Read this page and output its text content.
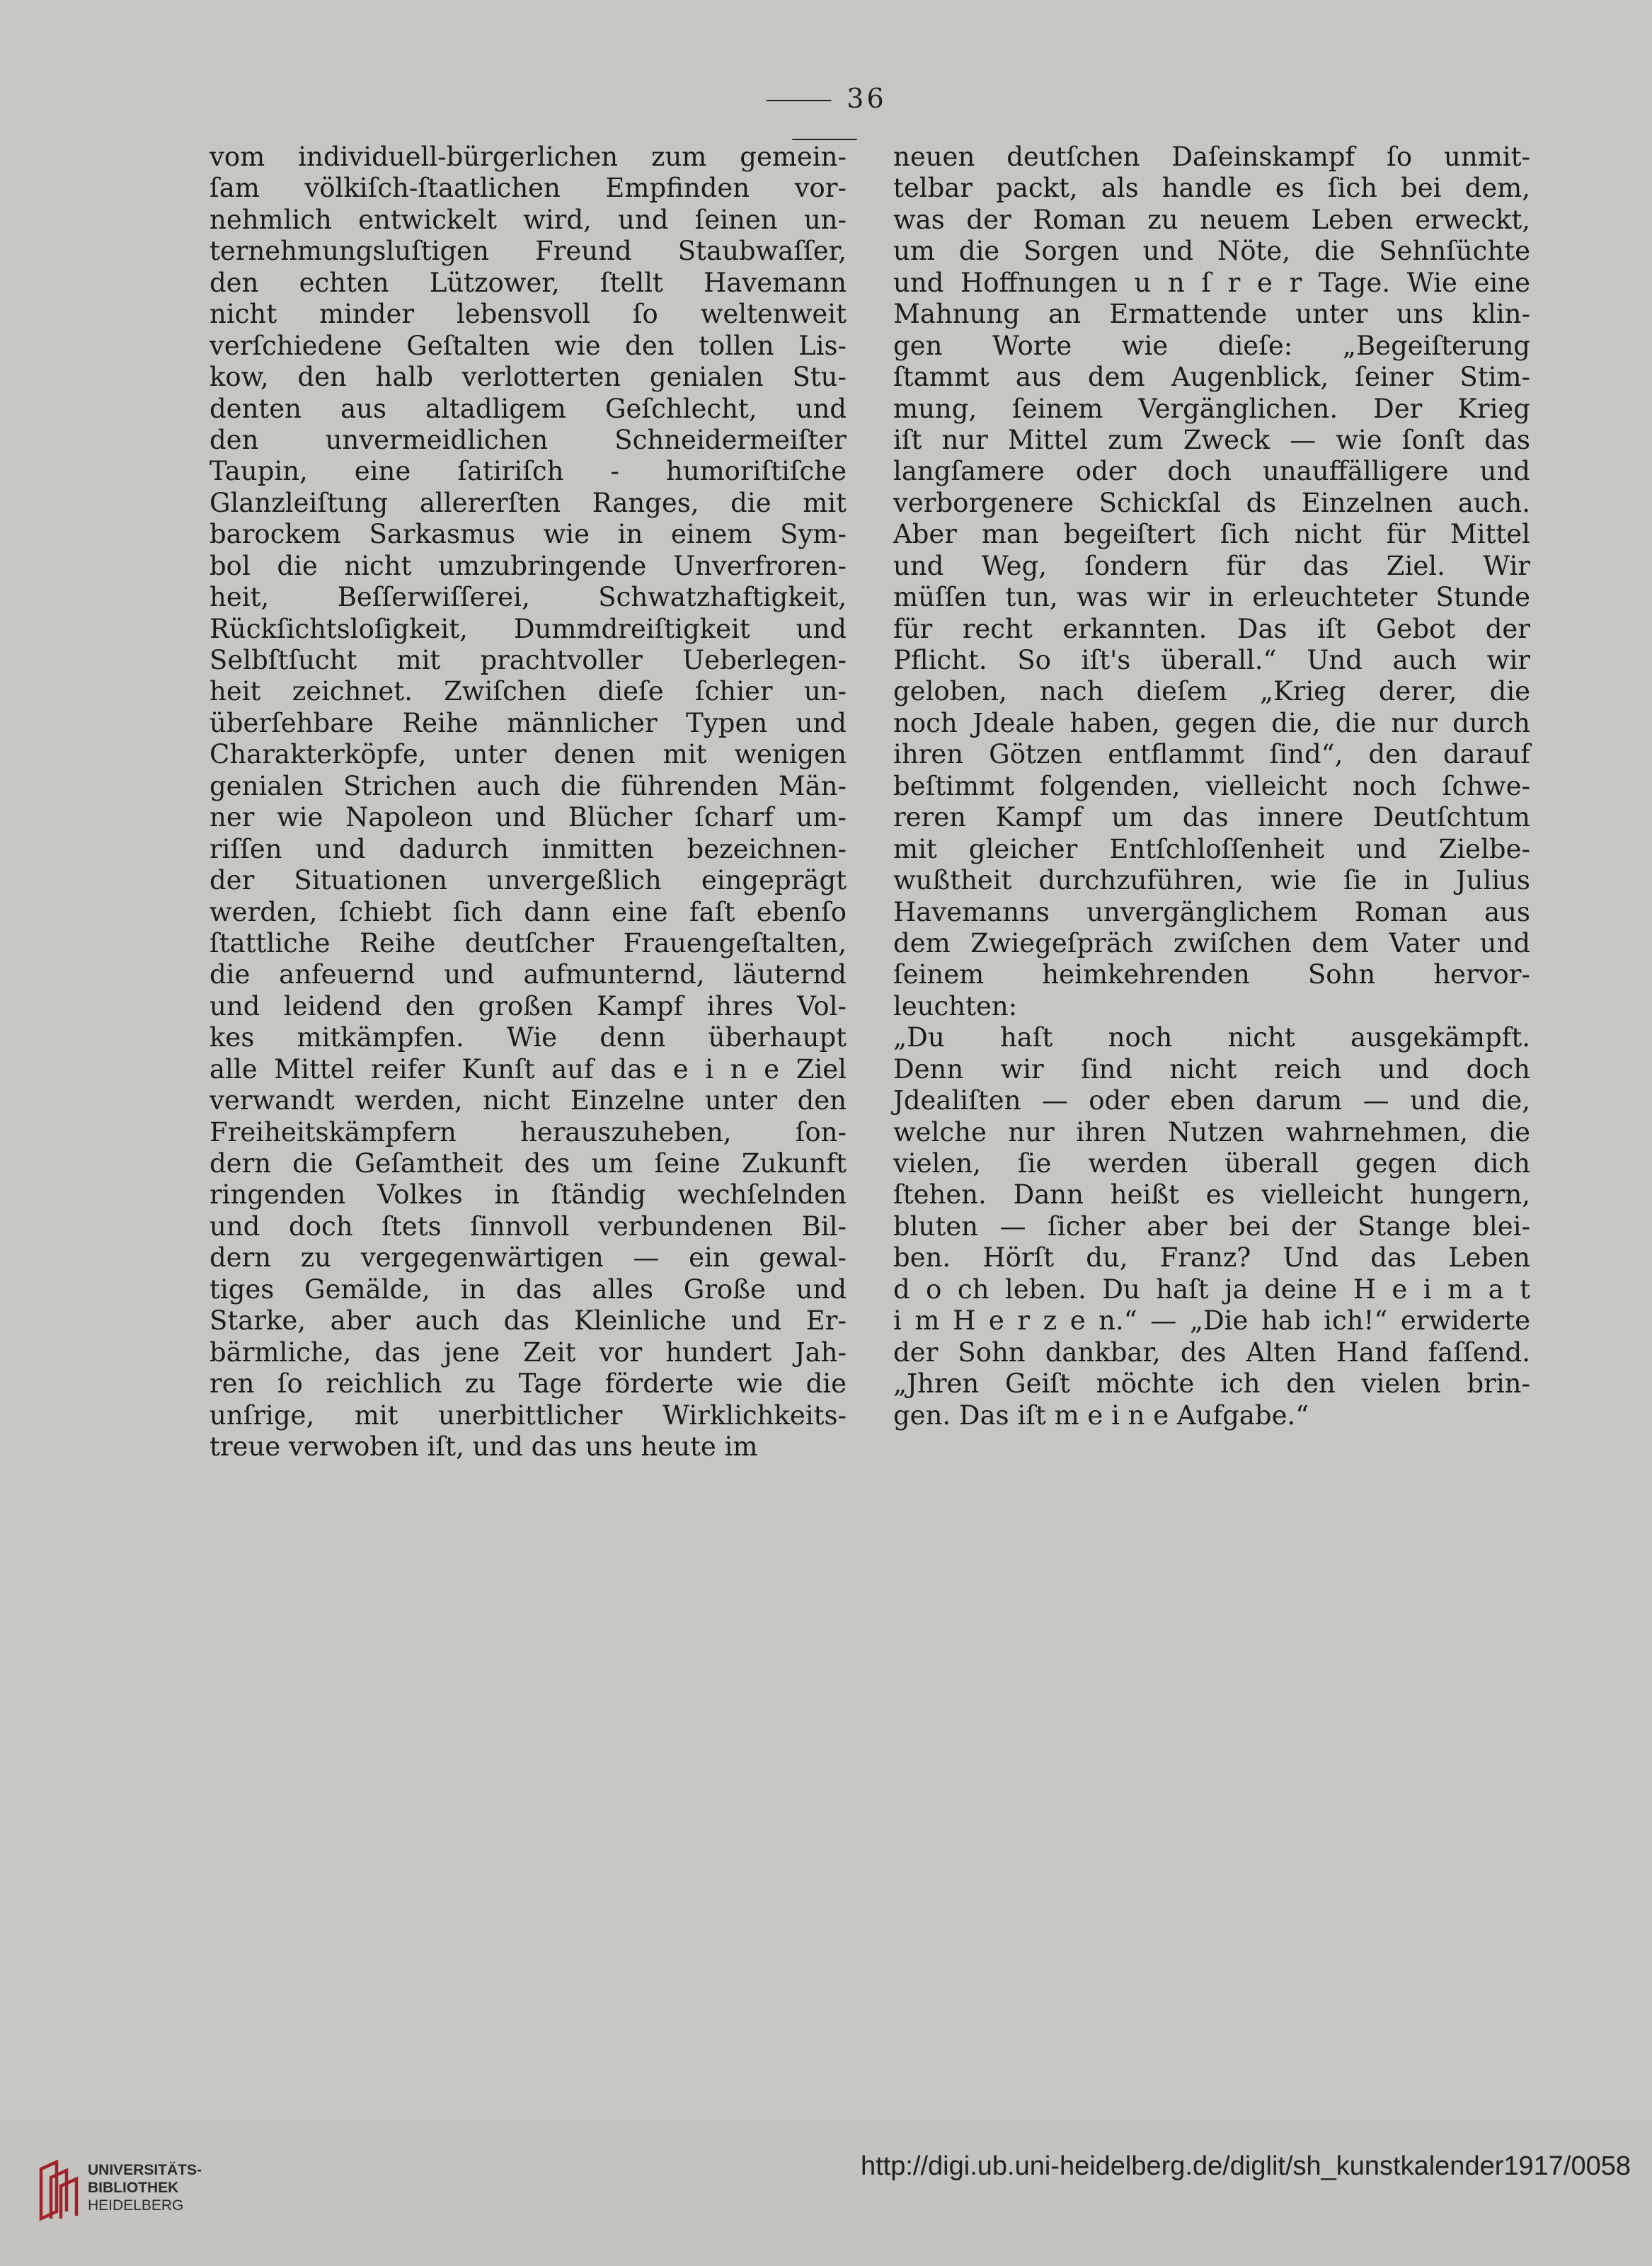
⸻ 36 ⸻
vom individuell-bürgerlichen zum gemein-
ſam völkiſch-ſtaatlichen Empfinden vor-
nehmlich entwickelt wird, und ſeinen un-
ternehmungsluſtigen Freund Staubwaſſer,
den echten Lützower, ſtellt Havemann
nicht minder lebensvoll ſo weltenweit
verſchiedene Geſtalten wie den tollen Lis-
kow, den halb verlotterten genialen Stu-
denten aus altadligem Geſchlecht, und
den unvermeidlichen Schneidermeiſter
Taupin, eine ſatiriſch - humoriſtiſche
Glanzleiſtung allererſten Ranges, die mit
barockem Sarkasmus wie in einem Sym-
bol die nicht umzubringende Unverfroren-
heit, Beſſerwiſſerei, Schwatzhaftigkeit,
Rückſichtsloſigkeit, Dummdreiſtigkeit und
Selbſtſucht mit prachtvoller Ueberlegen-
heit zeichnet. Zwiſchen dieſe ſchier un-
überſehbare Reihe männlicher Typen und
Charakterköpfe, unter denen mit wenigen
genialen Strichen auch die führenden Män-
ner wie Napoleon und Blücher ſcharf um-
riſſen und dadurch inmitten bezeichnen-
der Situationen unvergeßlich eingeprägt
werden, ſchiebt ſich dann eine faſt ebenſo
ſtattliche Reihe deutſcher Frauengeſtalten,
die anfeuernd und aufmunternd, läuternd
und leidend den großen Kampf ihres Vol-
kes mitkämpfen. Wie denn überhaupt
alle Mittel reifer Kunſt auf das e i n e Ziel
verwandt werden, nicht Einzelne unter den
Freiheitskämpfern herauszuheben, ſon-
dern die Geſamtheit des um ſeine Zukunft
ringenden Volkes in ſtändig wechſelnden
und doch ſtets ſinnvoll verbundenen Bil-
dern zu vergegenwärtigen — ein gewal-
tiges Gemälde, in das alles Große und
Starke, aber auch das Kleinliche und Er-
bärmliche, das jene Zeit vor hundert Jah-
ren ſo reichlich zu Tage förderte wie die
unſrige, mit unerbittlicher Wirklichkeits-
treue verwoben iſt, und das uns heute im
neuen deutſchen Daſeinskampf ſo unmit-
telbar packt, als handle es ſich bei dem,
was der Roman zu neuem Leben erweckt,
um die Sorgen und Nöte, die Sehnſüchte
und Hoffnungen u n ſ r e r Tage. Wie eine
Mahnung an Ermattende unter uns klin-
gen Worte wie dieſe: „Begeiſterung
ſtammt aus dem Augenblick, ſeiner Stim-
mung, ſeinem Vergänglichen. Der Krieg
iſt nur Mittel zum Zweck — wie ſonſt das
langſamere oder doch unauffälligere und
verborgenere Schickſal ds Einzelnen auch.
Aber man begeiſtert ſich nicht für Mittel
und Weg, ſondern für das Ziel. Wir
müſſen tun, was wir in erleuchteter Stunde
für recht erkannten. Das iſt Gebot der
Pflicht. So iſt's überall.“ Und auch wir
geloben, nach dieſem „Krieg derer, die
noch Jdeale haben, gegen die, die nur durch
ihren Götzen entflammt ſind“, den darauf
beſtimmt folgenden, vielleicht noch ſchwe-
reren Kampf um das innere Deutſchtum
mit gleicher Entſchloſſenheit und Zielbe-
wußtheit durchzuführen, wie ſie in Julius
Havemanns unvergänglichem Roman aus
dem Zwiegeſpräch zwiſchen dem Vater und
ſeinem heimkehrenden Sohn hervor-
leuchten:
„Du haſt noch nicht ausgekämpft.
Denn wir ſind nicht reich und doch
Jdealiſten — oder eben darum — und die,
welche nur ihren Nutzen wahrnehmen, die
vielen, ſie werden überall gegen dich
ſtehen. Dann heißt es vielleicht hungern,
bluten — ſicher aber bei der Stange blei-
ben. Hörſt du, Franz? Und das Leben
d o ch leben. Du haſt ja deine H e i m a t
i m H e r z e n.“ — „Die hab ich!“ erwiderte
der Sohn dankbar, des Alten Hand faſſend.
„Jhren Geiſt möchte ich den vielen brin-
gen. Das iſt m e i n e Aufgabe.“
UNIVERSITÄTS-
BIBLIOTHEK
HEIDELBERG
http://digi.ub.uni-heidelberg.de/diglit/sh_kunstkalender1917/0058
